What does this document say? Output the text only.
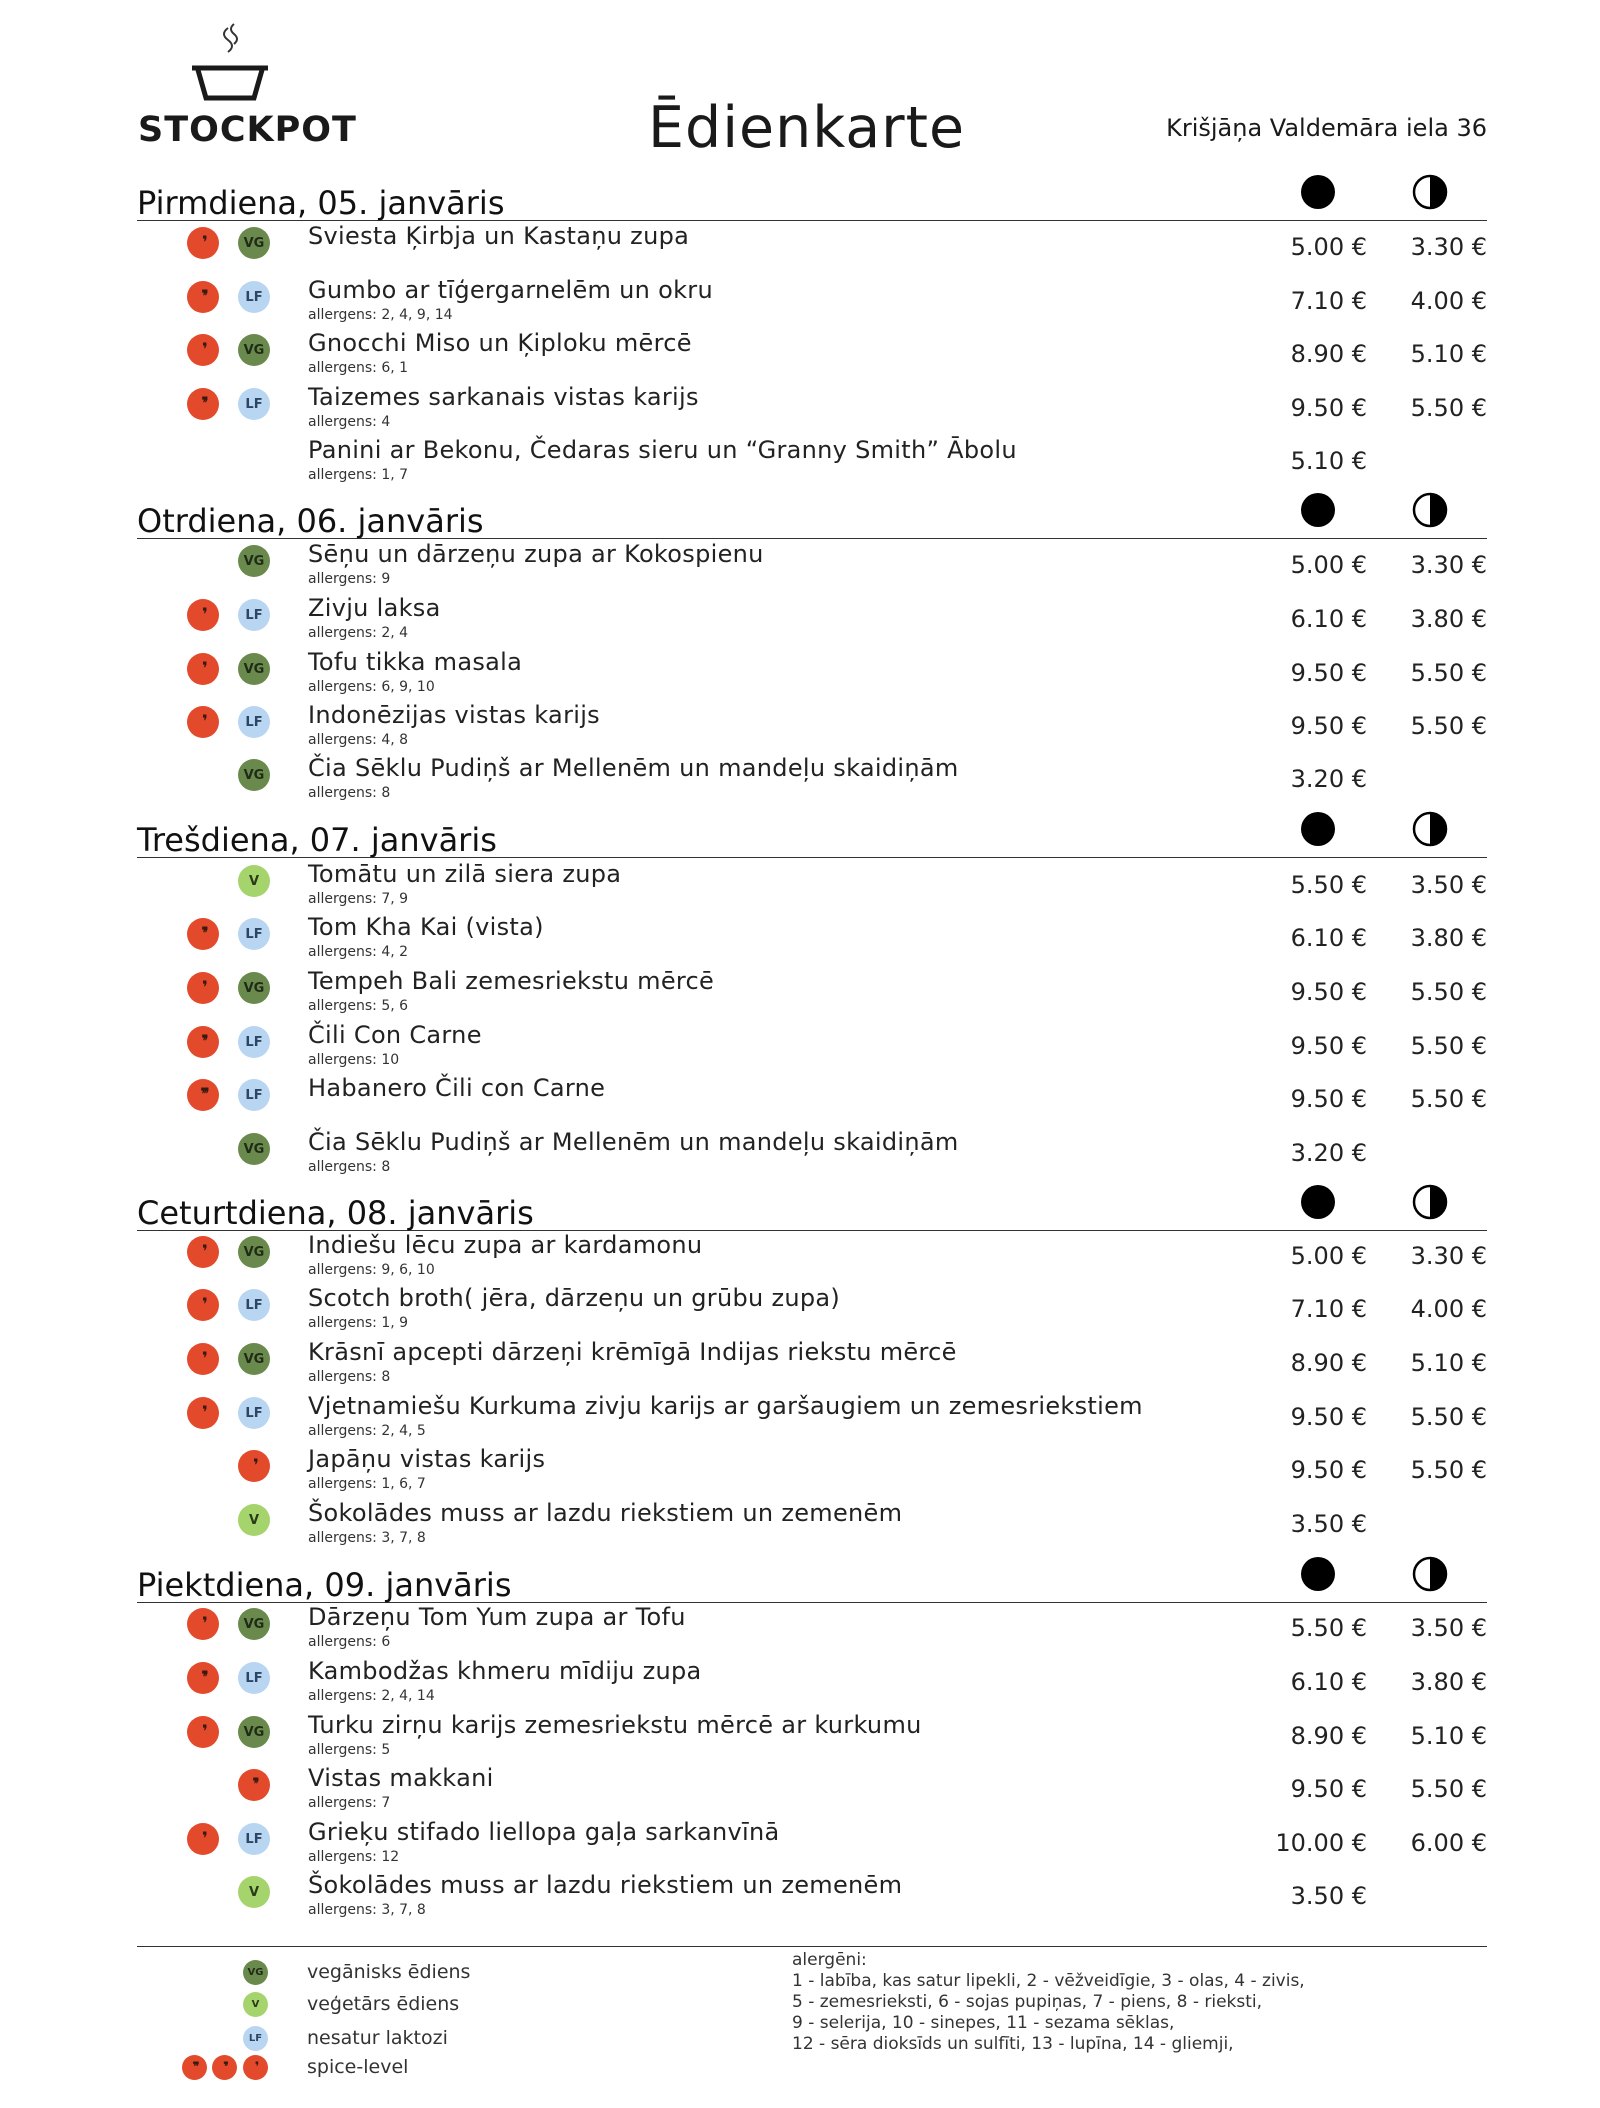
STOCKPOT	Ēdienkarte	Krišjāņa Valdemāra iela 36
Pirmdiena, 05. janvāris
❜	VG Sviesta Ķirbja un Kastaņu zupa	5.00 € 3.30 €
❜❜	LF	Gumbo ar tīģergarnelēm un okru
allergens: 2, 4, 9, 14	7.10 € 4.00 €
❜	VG Gnocchi Miso un Ķiploku mērcē
allergens: 6, 1	8.90 € 5.10 €
❜❜	LF	Taizemes sarkanais vistas karijs
allergens: 4	9.50 € 5.50 €
Panini ar Bekonu, Čedaras sieru un “Granny Smith” Ābolu
allergens: 1, 7	5.10 €
Otrdiena, 06. janvāris
VG Sēņu un dārzeņu zupa ar Kokospienu
allergens: 9	5.00 € 3.30 €
❜	LF	Zivju laksa
allergens: 2, 4	6.10 € 3.80 €
❜	VG Tofu tikka masala
allergens: 6, 9, 10	9.50 € 5.50 €
❜	LF	Indonēzijas vistas karijs
allergens: 4, 8	9.50 € 5.50 €
VG Čia Sēklu Pudiņš ar Mellenēm un mandeļu skaidiņām
allergens: 8	3.20 €
Trešdiena, 07. janvāris
V	Tomātu un zilā siera zupa
allergens: 7, 9	5.50 € 3.50 €
❜❜	LF	Tom Kha Kai (vista)
allergens: 4, 2	6.10 € 3.80 €
❜	VG Tempeh Bali zemesriekstu mērcē
allergens: 5, 6	9.50 € 5.50 €
❜❜	LF	Čili Con Carne
allergens: 10	9.50 € 5.50 €
❜❜❜	LF	Habanero Čili con Carne	9.50 € 5.50 €
VG Čia Sēklu Pudiņš ar Mellenēm un mandeļu skaidiņām
allergens: 8	3.20 €
Ceturtdiena, 08. janvāris
❜	VG Indiešu lēcu zupa ar kardamonu
allergens: 9, 6, 10	5.00 € 3.30 €
❜	LF	Scotch broth( jēra, dārzeņu un grūbu zupa)
allergens: 1, 9	7.10 € 4.00 €
❜	VG Krāsnī apcepti dārzeņi krēmīgā Indijas riekstu mērcē
allergens: 8	8.90 € 5.10 €
❜	LF	Vjetnamiešu Kurkuma zivju karijs ar garšaugiem un zemesriekstiem
allergens: 2, 4, 5	9.50 € 5.50 €
❜ Japāņu vistas karijs
allergens: 1, 6, 7	9.50 € 5.50 €
V	Šokolādes muss ar lazdu riekstiem un zemenēm
allergens: 3, 7, 8	3.50 €
Piektdiena, 09. janvāris
❜	VG Dārzeņu Tom Yum zupa ar Tofu
allergens: 6	5.50 € 3.50 €
❜❜	LF	Kambodžas khmeru mīdiju zupa
allergens: 2, 4, 14	6.10 € 3.80 €
❜	VG Turku zirņu karijs zemesriekstu mērcē ar kurkumu
allergens: 5	8.90 € 5.10 €
❜❜ Vistas makkani
allergens: 7	9.50 € 5.50 €
❜	LF	Grieķu stifado liellopa gaļa sarkanvīnā
allergens: 12	10.00 € 6.00 €
V	Šokolādes muss ar lazdu riekstiem un zemenēm
allergens: 3, 7, 8	3.50 €
VG vegānisks ēdiens
V	veģetārs ēdiens
LF	nesatur laktozi
❜❜❜	❜❜	❜	spice-level
alergēni:
1 - labība, kas satur lipekli, 2 - vēžveidīgie, 3 - olas, 4 - zivis,
5 - zemesrieksti, 6 - sojas pupiņas, 7 - piens, 8 - rieksti,
9 - selerija, 10 - sinepes, 11 - sezama sēklas,
12 - sēra dioksīds un sulfīti, 13 - lupīna, 14 - gliemji,
